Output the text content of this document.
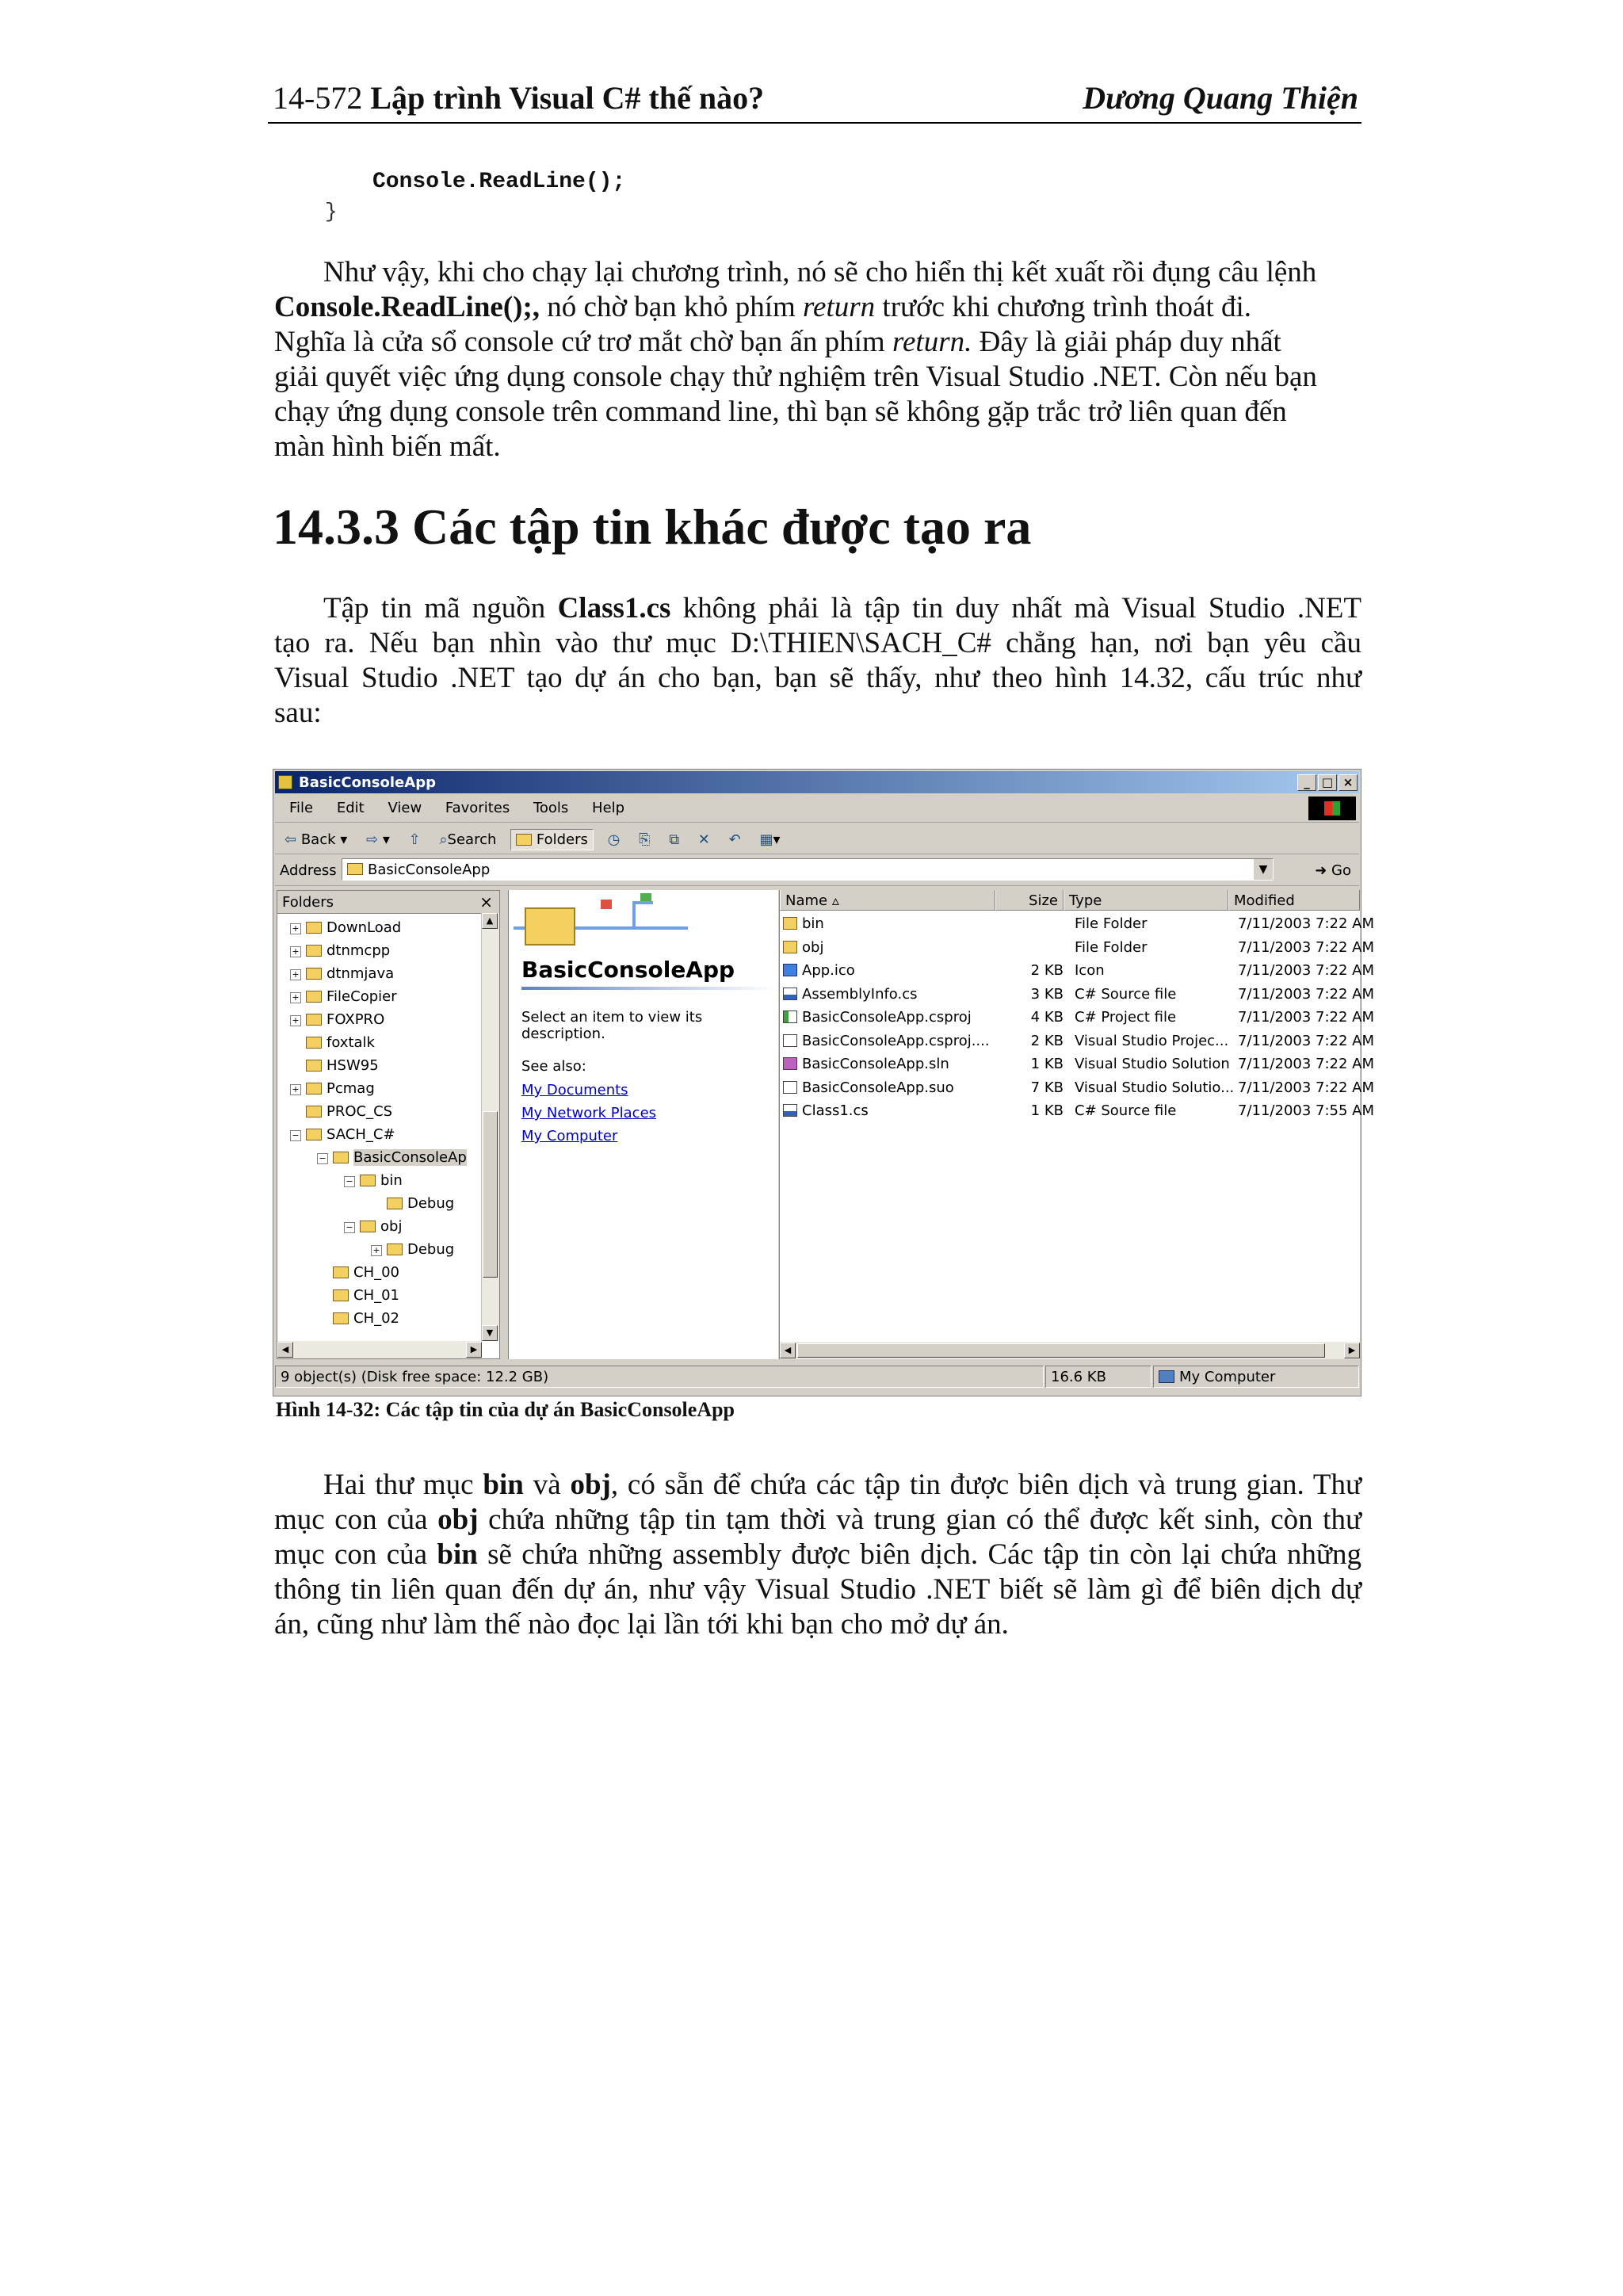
14-572 Lập trình Visual C# thế nào?	Dương Quang Thiện
Console.ReadLine();
}
Như vậy, khi cho chạy lại chương trình, nó sẽ cho hiển thị kết xuất rồi đụng câu lệnh
Console.ReadLine();, nó chờ bạn khỏ phím return trước khi chương trình thoát đi.
Nghĩa là cửa sổ console cứ trơ mắt chờ bạn ấn phím return. Đây là giải pháp duy nhất
giải quyết việc ứng dụng console chạy thử nghiệm trên Visual Studio .NET. Còn nếu bạn
chạy ứng dụng console trên command line, thì bạn sẽ không gặp trắc trở liên quan đến
màn hình biến mất.
14.3.3 Các tập tin khác được tạo ra
Tập tin mã nguồn Class1.cs không phải là tập tin duy nhất mà Visual Studio .NET
tạo ra. Nếu bạn nhìn vào thư mục D:\THIEN\SACH_C# chẳng hạn, nơi bạn yêu cầu
Visual Studio .NET tạo dự án cho bạn, bạn sẽ thấy, như theo hình 14.32, cấu trúc như
sau:
BasicConsoleApp	_ □ ×
File Edit View Favorites Tools Help
⇦ Back ▾ ⇨ ▾ ⇧ ⌕Search	Folders ◷ ⎘ ⧉ ✕ ↶ ▦▾
Address BasicConsoleApp	▼	➜ Go
Folders	×
+ DownLoad
+ dtnmcpp
+ dtnmjava
+ FileCopier
+ FOXPRO
foxtalk
HSW95
+ Pcmag
PROC_CS
− SACH_C#
− BasicConsoleAp
− bin
Debug
− obj
+ Debug
CH_00
CH_01
CH_02
▲
▼
◀	▶
BasicConsoleApp
Select an item to view its description.
See also:
My Documents
My Network Places
My Computer
Name ▵	Size Type	Modified
bin	File Folder	7/11/2003 7:22 AM
obj	File Folder	7/11/2003 7:22 AM
App.ico	2 KB Icon	7/11/2003 7:22 AM
AssemblyInfo.cs	3 KB C# Source file	7/11/2003 7:22 AM
BasicConsoleApp.csproj	4 KB C# Project file	7/11/2003 7:22 AM
BasicConsoleApp.csproj....	2 KB Visual Studio Projec... 7/11/2003 7:22 AM
BasicConsoleApp.sln	1 KB Visual Studio Solution 7/11/2003 7:22 AM
BasicConsoleApp.suo	7 KB Visual Studio Solutio... 7/11/2003 7:22 AM
Class1.cs	1 KB C# Source file	7/11/2003 7:55 AM
◀	▶
9 object(s) (Disk free space: 12.2 GB)	16.6 KB	My Computer
Hình 14-32: Các tập tin của dự án BasicConsoleApp
Hai thư mục bin và obj, có sẵn để chứa các tập tin được biên dịch và trung gian. Thư
mục con của obj chứa những tập tin tạm thời và trung gian có thể được kết sinh, còn thư
mục con của bin sẽ chứa những assembly được biên dịch. Các tập tin còn lại chứa những
thông tin liên quan đến dự án, như vậy Visual Studio .NET biết sẽ làm gì để biên dịch dự
án, cũng như làm thế nào đọc lại lần tới khi bạn cho mở dự án.
